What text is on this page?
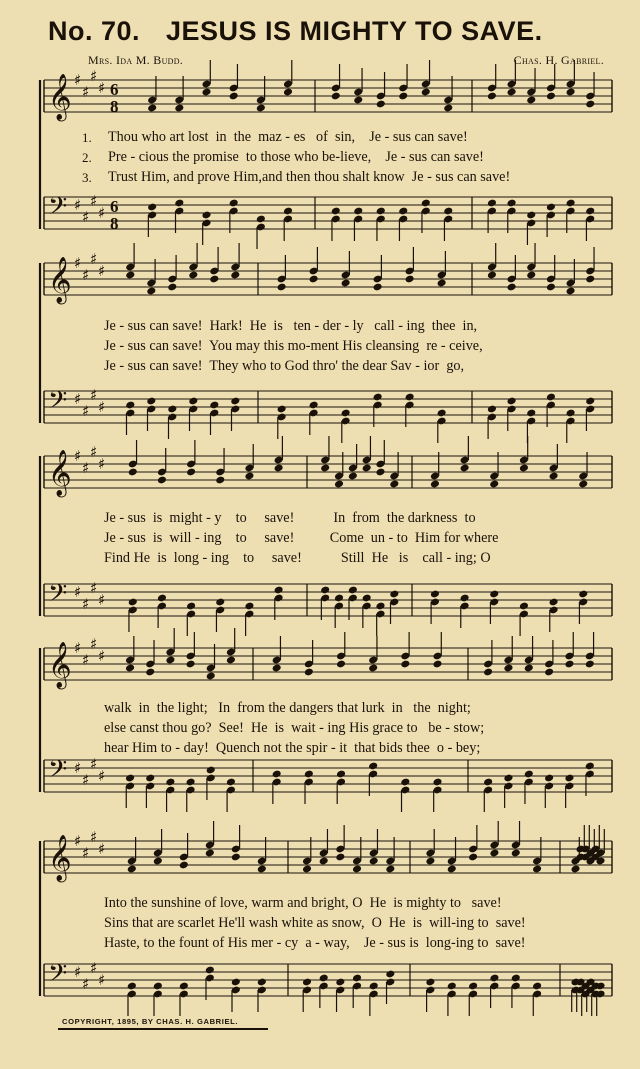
No. 70. JESUS IS MIGHTY TO SAVE.
Mrs. Ida M. Budd.	Chas. H. Gabriel.
𝄞 ♯
♯
♯
♯ 6
8
𝄢 ♯
♯
♯
♯ 6
8
Thou who art lost  in  the  maz - es   of  sin,    Je - sus can save!
Pre - cious the promise  to those who be-lieve,    Je - sus can save!
Trust Him, and prove Him,and then thou shalt know  Je - sus can save!
1.
2.
3.
𝄞 ♯
♯
♯
♯
𝄢 ♯
♯
♯
♯
Je - sus can save!  Hark!  He  is   ten - der - ly   call - ing  thee  in,
Je - sus can save!  You may this mo-ment His cleansing  re - ceive,
Je - sus can save!  They who to God thro' the dear Sav - ior  go,
𝄞 ♯
♯
♯
♯
𝄢 ♯
♯
♯
♯
Je - sus  is  might - y    to     save!           In  from  the darkness  to
Je - sus  is  will - ing    to     save!          Come  un - to  Him for where
Find He  is  long - ing    to     save!           Still  He   is    call - ing; O
𝄞 ♯
♯
♯
♯
𝄢 ♯
♯
♯
♯
walk  in  the light;   In  from the dangers that lurk  in   the  night;
else canst thou go?  See!  He  is  wait - ing His grace to   be - stow;
hear Him to - day!  Quench not the spir - it  that bids thee  o - bey;
𝄞 ♯
♯
♯
♯
𝄢 ♯
♯
♯
♯
Into the sunshine of love, warm and bright, O  He  is mighty to   save!
Sins that are scarlet He'll wash white as snow,  O  He  is  will-ing to  save!
Haste, to the fount of His mer - cy  a - way,    Je - sus is  long-ing to  save!
COPYRIGHT, 1895, BY CHAS. H. GABRIEL.
